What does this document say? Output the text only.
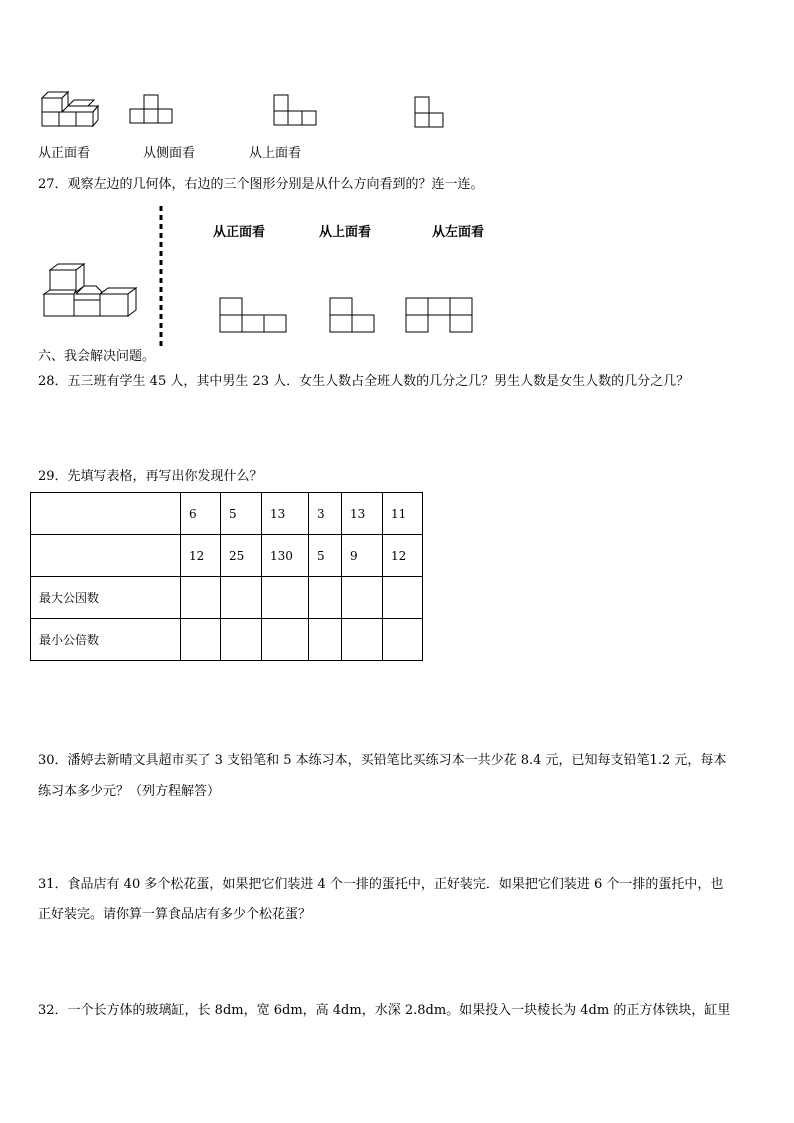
从正面看	从侧面看	从上面看
27．观察左边的几何体，右边的三个图形分别是从什么方向看到的？连一连。
从正面看	从上面看	从左面看
六、我会解决问题。
28．五三班有学生 45 人，其中男生 23 人．女生人数占全班人数的几分之几？男生人数是女生人数的几分之几？
29．先填写表格，再写出你发现什么？
	6	5	13	3	13	11
	12	25	130	5	9	12
最大公因数						
最小公倍数						
30．潘婷去新晴文具超市买了 3 支铅笔和 5 本练习本，买铅笔比买练习本一共少花 8.4 元，已知每支铅笔1.2 元，每本
练习本多少元？（列方程解答）
31．食品店有 40 多个松花蛋，如果把它们装进 4 个一排的蛋托中，正好装完．如果把它们装进 6 个一排的蛋托中，也
正好装完。请你算一算食品店有多少个松花蛋？
32．一个长方体的玻璃缸，长 8dm，宽 6dm，高 4dm，水深 2.8dm。如果投入一块棱长为 4dm 的正方体铁块，缸里
